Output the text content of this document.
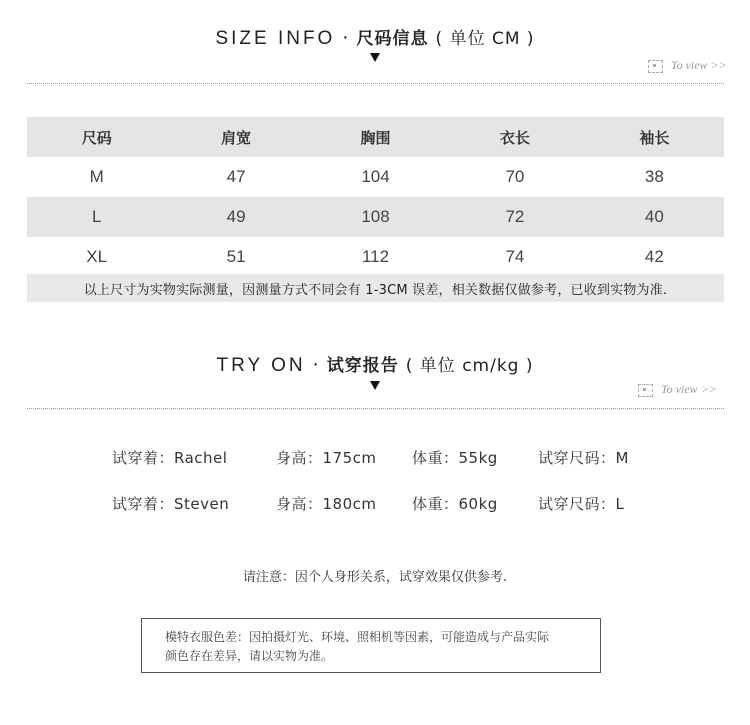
SIZE INFO · 尺码信息 ( 单位 CM )
To view >>
尺码	肩宽	胸围	衣长	袖长
M	47	104	70	38
L	49	108	72	40
XL	51	112	74	42
以上尺寸为实物实际测量，因测量方式不同会有 1-3CM 误差，相关数据仅做参考，已收到实物为准.
TRY ON · 试穿报告 ( 单位 cm/kg )
To view >>
试穿着：Rachel	身高：175cm 体重：55kg	试穿尺码：M
试穿着：Steven	身高：180cm 体重：60kg	试穿尺码：L
请注意：因个人身形关系，试穿效果仅供参考.
模特衣服色差：因拍摄灯光、环境、照相机等因素，可能造成与产品实际
颜色存在差异，请以实物为准。
